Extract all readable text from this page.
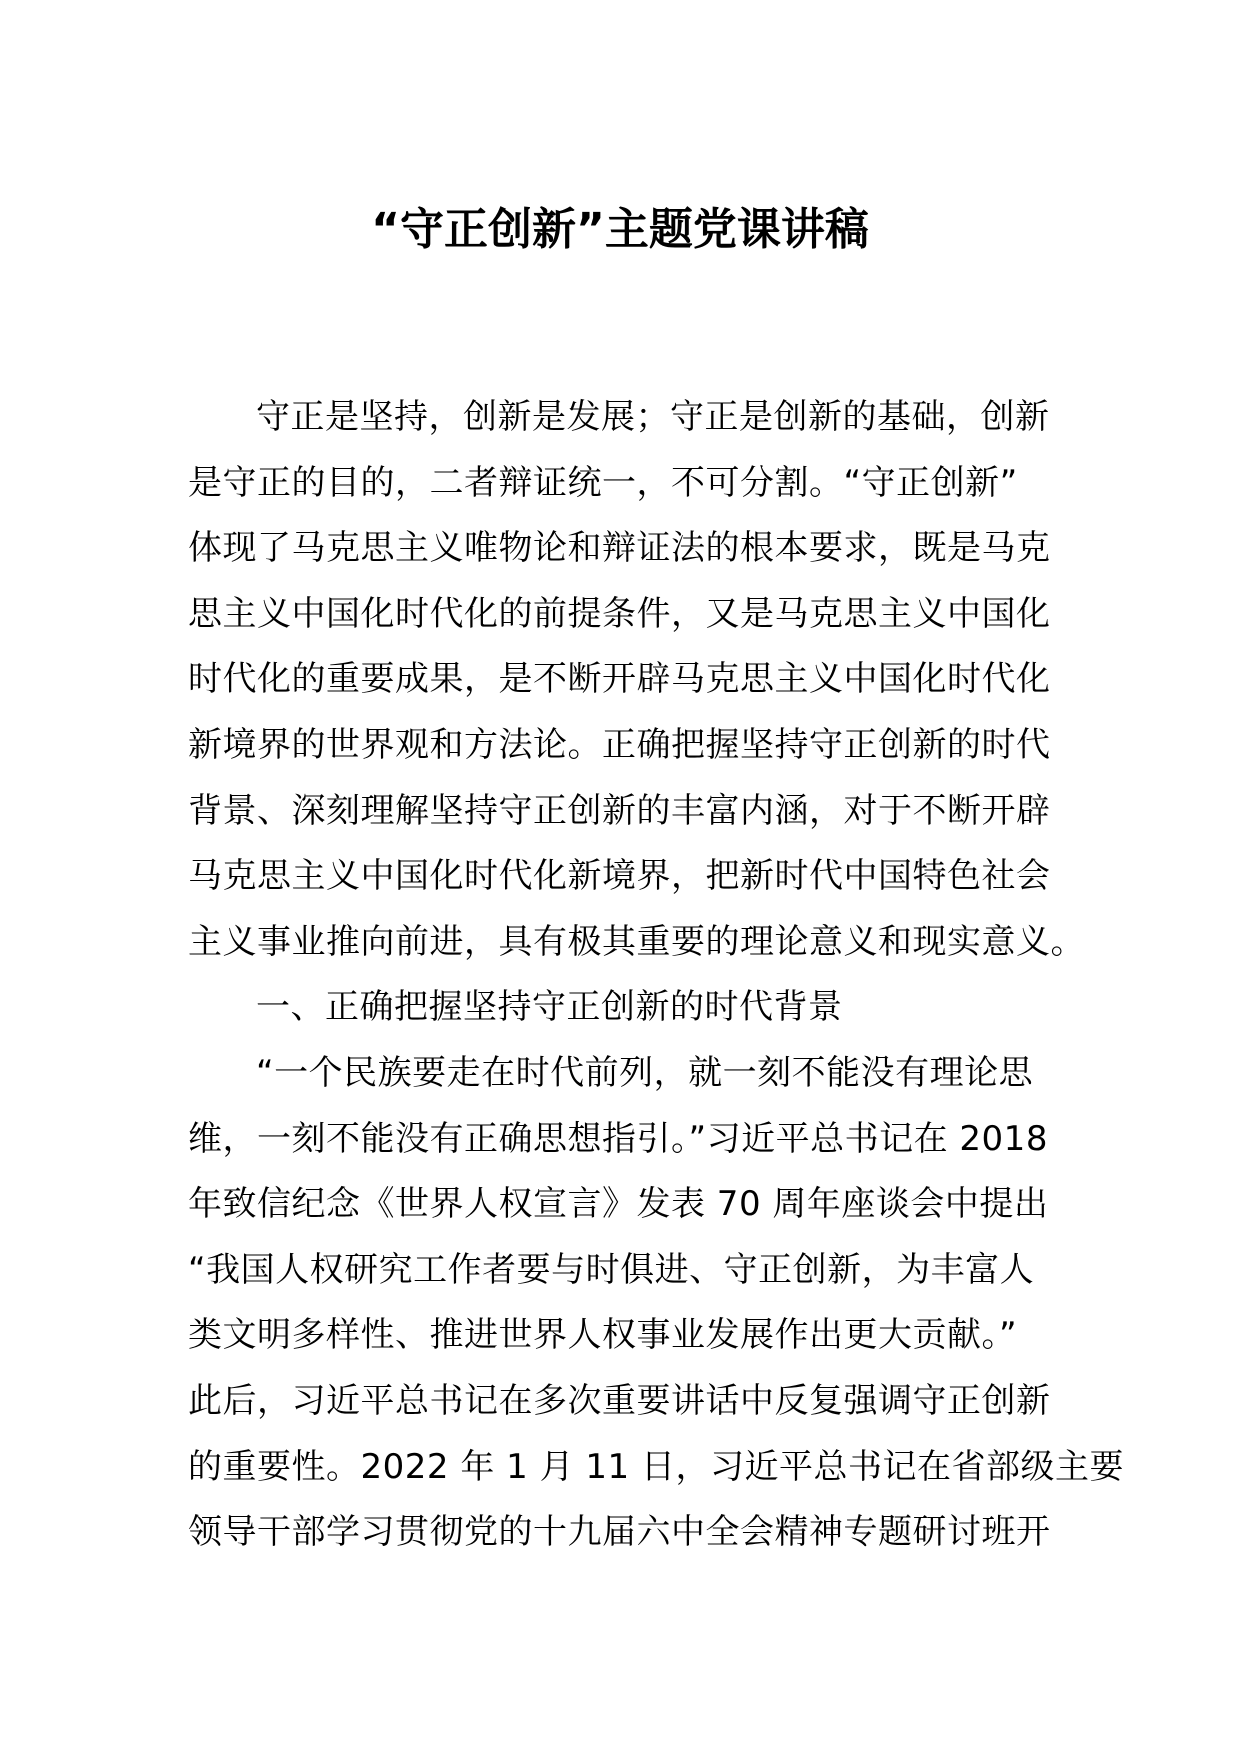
“守正创新”主题党课讲稿
守正是坚持，创新是发展；守正是创新的基础，创新
是守正的目的，二者辩证统一，不可分割。“守正创新”
体现了马克思主义唯物论和辩证法的根本要求，既是马克
思主义中国化时代化的前提条件，又是马克思主义中国化
时代化的重要成果，是不断开辟马克思主义中国化时代化
新境界的世界观和方法论。正确把握坚持守正创新的时代
背景、深刻理解坚持守正创新的丰富内涵，对于不断开辟
马克思主义中国化时代化新境界，把新时代中国特色社会
主义事业推向前进，具有极其重要的理论意义和现实意义。
一、正确把握坚持守正创新的时代背景
“一个民族要走在时代前列，就一刻不能没有理论思
维，一刻不能没有正确思想指引。”习近平总书记在 2018
年致信纪念《世界人权宣言》发表 70 周年座谈会中提出
“我国人权研究工作者要与时俱进、守正创新，为丰富人
类文明多样性、推进世界人权事业发展作出更大贡献。”
此后，习近平总书记在多次重要讲话中反复强调守正创新
的重要性。2022 年 1 月 11 日，习近平总书记在省部级主要
领导干部学习贯彻党的十九届六中全会精神专题研讨班开
